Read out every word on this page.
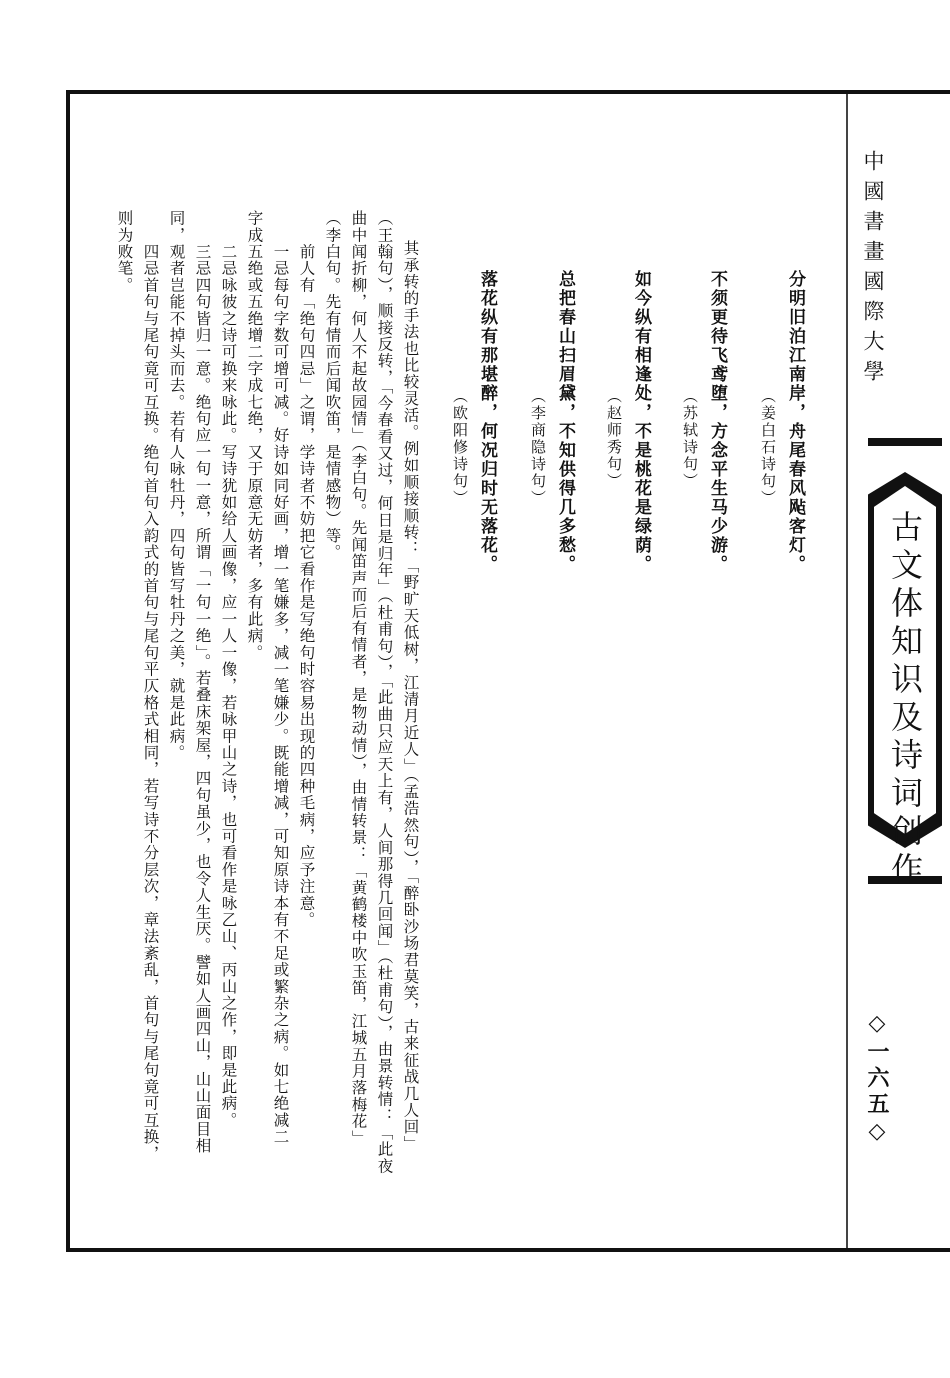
中國書畫國際大學
古文体知识及诗词创作
◇一六五◇
分明旧泊江南岸，舟尾春风飐客灯。
（姜白石诗句）
不须更待飞鸢堕，方念平生马少游。
（苏轼诗句）
如今纵有相逢处，不是桃花是绿荫。
（赵师秀句）
总把春山扫眉黛，不知供得几多愁。
（李商隐诗句）
落花纵有那堪醉，何况归时无落花。
（欧阳修诗句）
其承转的手法也比较灵活。例如顺接顺转：「野旷天低树，江清月近人」（孟浩然句），「醉卧沙场君莫笑，古来征战几人回」
（王翰句），顺接反转，「今春看又过，何日是归年」（杜甫句），「此曲只应天上有，人间那得几回闻」（杜甫句），由景转情：「此夜
曲中闻折柳，何人不起故园情」（李白句。先闻笛声而后有情者，是物动情），由情转景：「黄鹤楼中吹玉笛，江城五月落梅花」
（李白句。先有情而后闻吹笛，是情感物）等。
　　前人有「绝句四忌」之谓，学诗者不妨把它看作是写绝句时容易出现的四种毛病，应予注意。
　　一忌每句字数可增可减。好诗如同好画，增一笔嫌多，减一笔嫌少。既能增减，可知原诗本有不足或繁杂之病。如七绝减二
字成五绝或五绝增二字成七绝，又于原意无妨者，多有此病。
　　二忌咏彼之诗可换来咏此。写诗犹如给人画像，应一人一像，若咏甲山之诗，也可看作是咏乙山、丙山之作，即是此病。
　　三忌四句皆归一意。绝句应一句一意，所谓「一句一绝」。若叠床架屋，四句虽少，也令人生厌。譬如人画四山，山山面目相
同，观者岂能不掉头而去。若有人咏牡丹，四句皆写牡丹之美，就是此病。
　　四忌首句与尾句竟可互换。绝句首句入韵式的首句与尾句平仄格式相同，若写诗不分层次，章法紊乱，首句与尾句竟可互换，
则为败笔。
